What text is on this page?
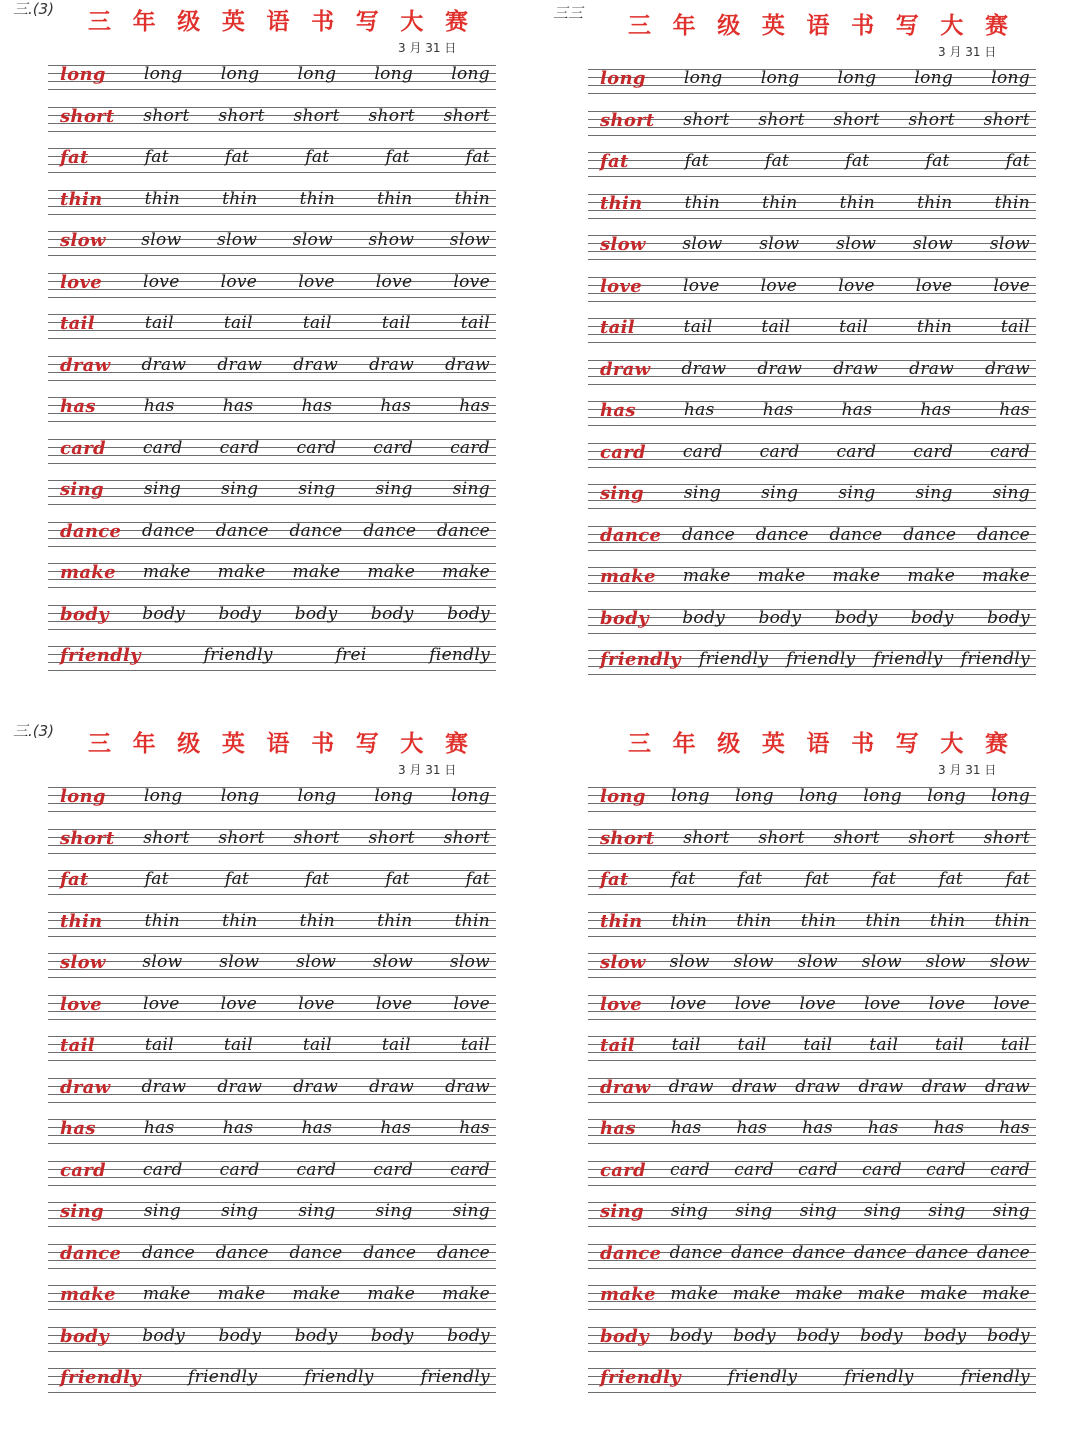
三.(3) 三 年 级 英 语 书 写 大 赛
3 月 31 日
long long long long long long
short short short short short short
fat	fat	fat	fat	fat	fat
thin thin thin thin thin thin
slow slow slow slow show slow
love love love love love love
tail	tail	tail	tail	tail	tail
draw draw draw draw draw draw
has	has	has	has	has	has
card card card card card card
sing sing sing sing sing sing
dance dance dance dance dance dance
make make make make make make
body body body body body body
friendly	friendly	frei	fiendly
三三 三 年 级 英 语 书 写 大 赛
3 月 31 日
long long long long long long
short short short short short short
fat	fat	fat	fat	fat	fat
thin thin thin thin thin thin
slow slow slow slow slow slow
love love love love love love
tail	tail	tail	tail	thin	tail
draw draw draw draw draw draw
has	has	has	has	has	has
card card card card card card
sing sing sing sing sing sing
dance dance dance dance dance dance
make make make make make make
body body body body body body
friendly friendly friendly friendly friendly
三.(3) 三 年 级 英 语 书 写 大 赛
3 月 31 日
long long long long long long
short short short short short short
fat	fat	fat	fat	fat	fat
thin thin thin thin thin thin
slow slow slow slow slow slow
love love love love love love
tail	tail	tail	tail	tail	tail
draw draw draw draw draw draw
has	has	has	has	has	has
card card card card card card
sing sing sing sing sing sing
dance dance dance dance dance dance
make make make make make make
body body body body body body
friendly	friendly	friendly	friendly
三 年 级 英 语 书 写 大 赛
3 月 31 日
long long long long long long long
short short short short short short
fat	fat	fat	fat	fat	fat	fat
thin thin thin thin thin thin thin
slow slow slow slow slow slow slow
love love love love love love love
tail tail tail tail tail tail tail
draw draw draw draw draw draw draw
has has has has has has has
card card card card card card card
sing sing sing sing sing sing sing
dance dance dance dance dance dance dance
make make make make make make make
body body body body body body body
friendly	friendly	friendly	friendly
